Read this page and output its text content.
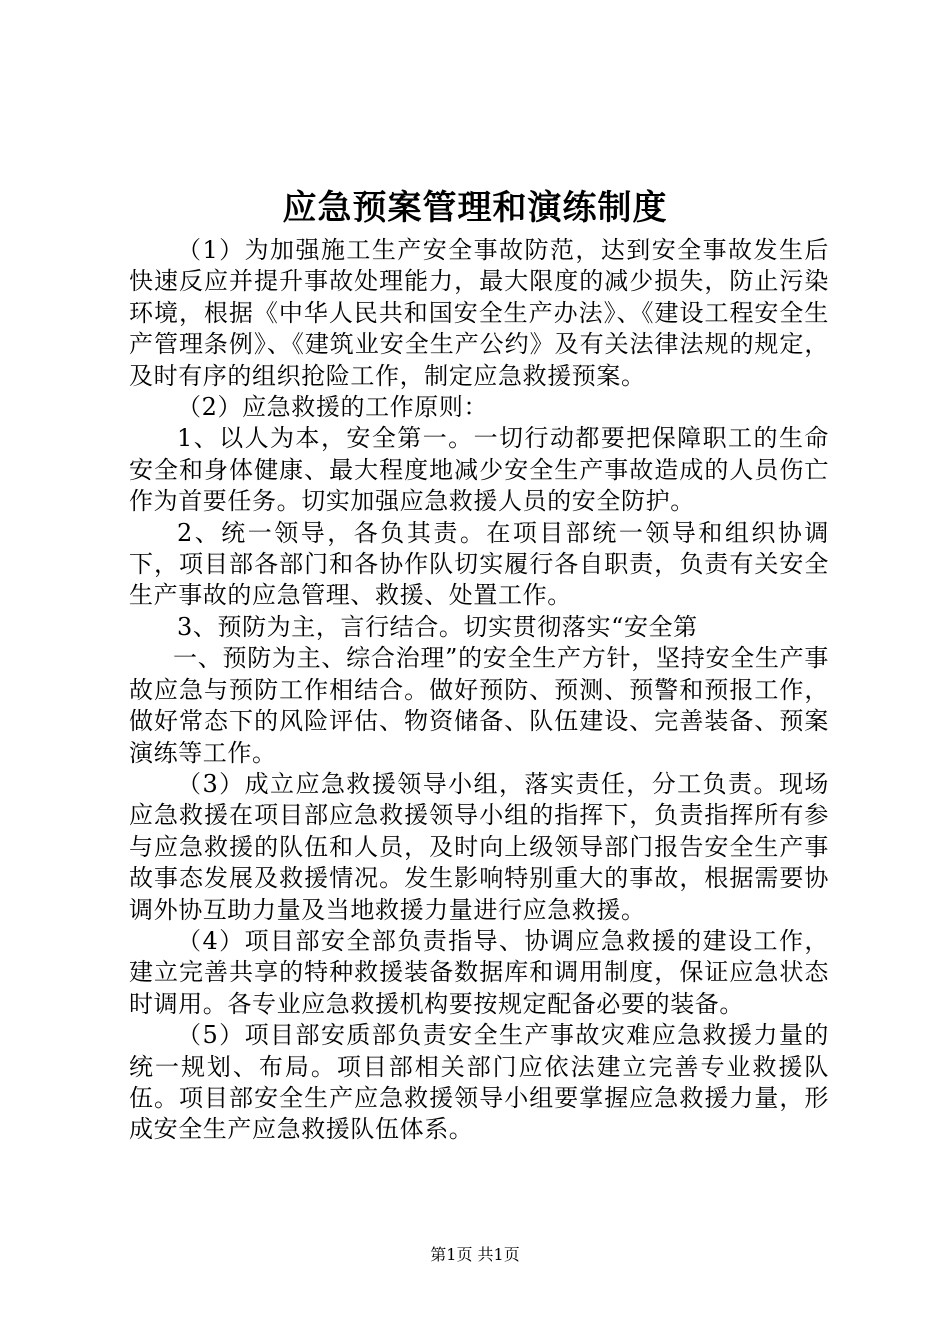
应急预案管理和演练制度

（1）为加强施工生产安全事故防范，达到安全事故发生后快速反应并提升事故处理能力，最大限度的减少损失，防止污染环境，根据《中华人民共和国安全生产办法》、《建设工程安全生产管理条例》、《建筑业安全生产公约》及有关法律法规的规定，及时有序的组织抢险工作，制定应急救援预案。

（2）应急救援的工作原则：

1、以人为本，安全第一。一切行动都要把保障职工的生命安全和身体健康、最大程度地减少安全生产事故造成的人员伤亡作为首要任务。切实加强应急救援人员的安全防护。

2、统一领导，各负其责。在项目部统一领导和组织协调下，项目部各部门和各协作队切实履行各自职责，负责有关安全生产事故的应急管理、救援、处置工作。

3、预防为主，言行结合。切实贯彻落实“安全第

一、预防为主、综合治理”的安全生产方针，坚持安全生产事故应急与预防工作相结合。做好预防、预测、预警和预报工作，做好常态下的风险评估、物资储备、队伍建设、完善装备、预案演练等工作。

（3）成立应急救援领导小组，落实责任，分工负责。现场应急救援在项目部应急救援领导小组的指挥下，负责指挥所有参与应急救援的队伍和人员，及时向上级领导部门报告安全生产事故事态发展及救援情况。发生影响特别重大的事故，根据需要协调外协互助力量及当地救援力量进行应急救援。

（4）项目部安全部负责指导、协调应急救援的建设工作，建立完善共享的特种救援装备数据库和调用制度，保证应急状态时调用。各专业应急救援机构要按规定配备必要的装备。

（5）项目部安质部负责安全生产事故灾难应急救援力量的统一规划、布局。项目部相关部门应依法建立完善专业救援队伍。项目部安全生产应急救援领导小组要掌握应急救援力量，形成安全生产应急救援队伍体系。

第1页 共1页
